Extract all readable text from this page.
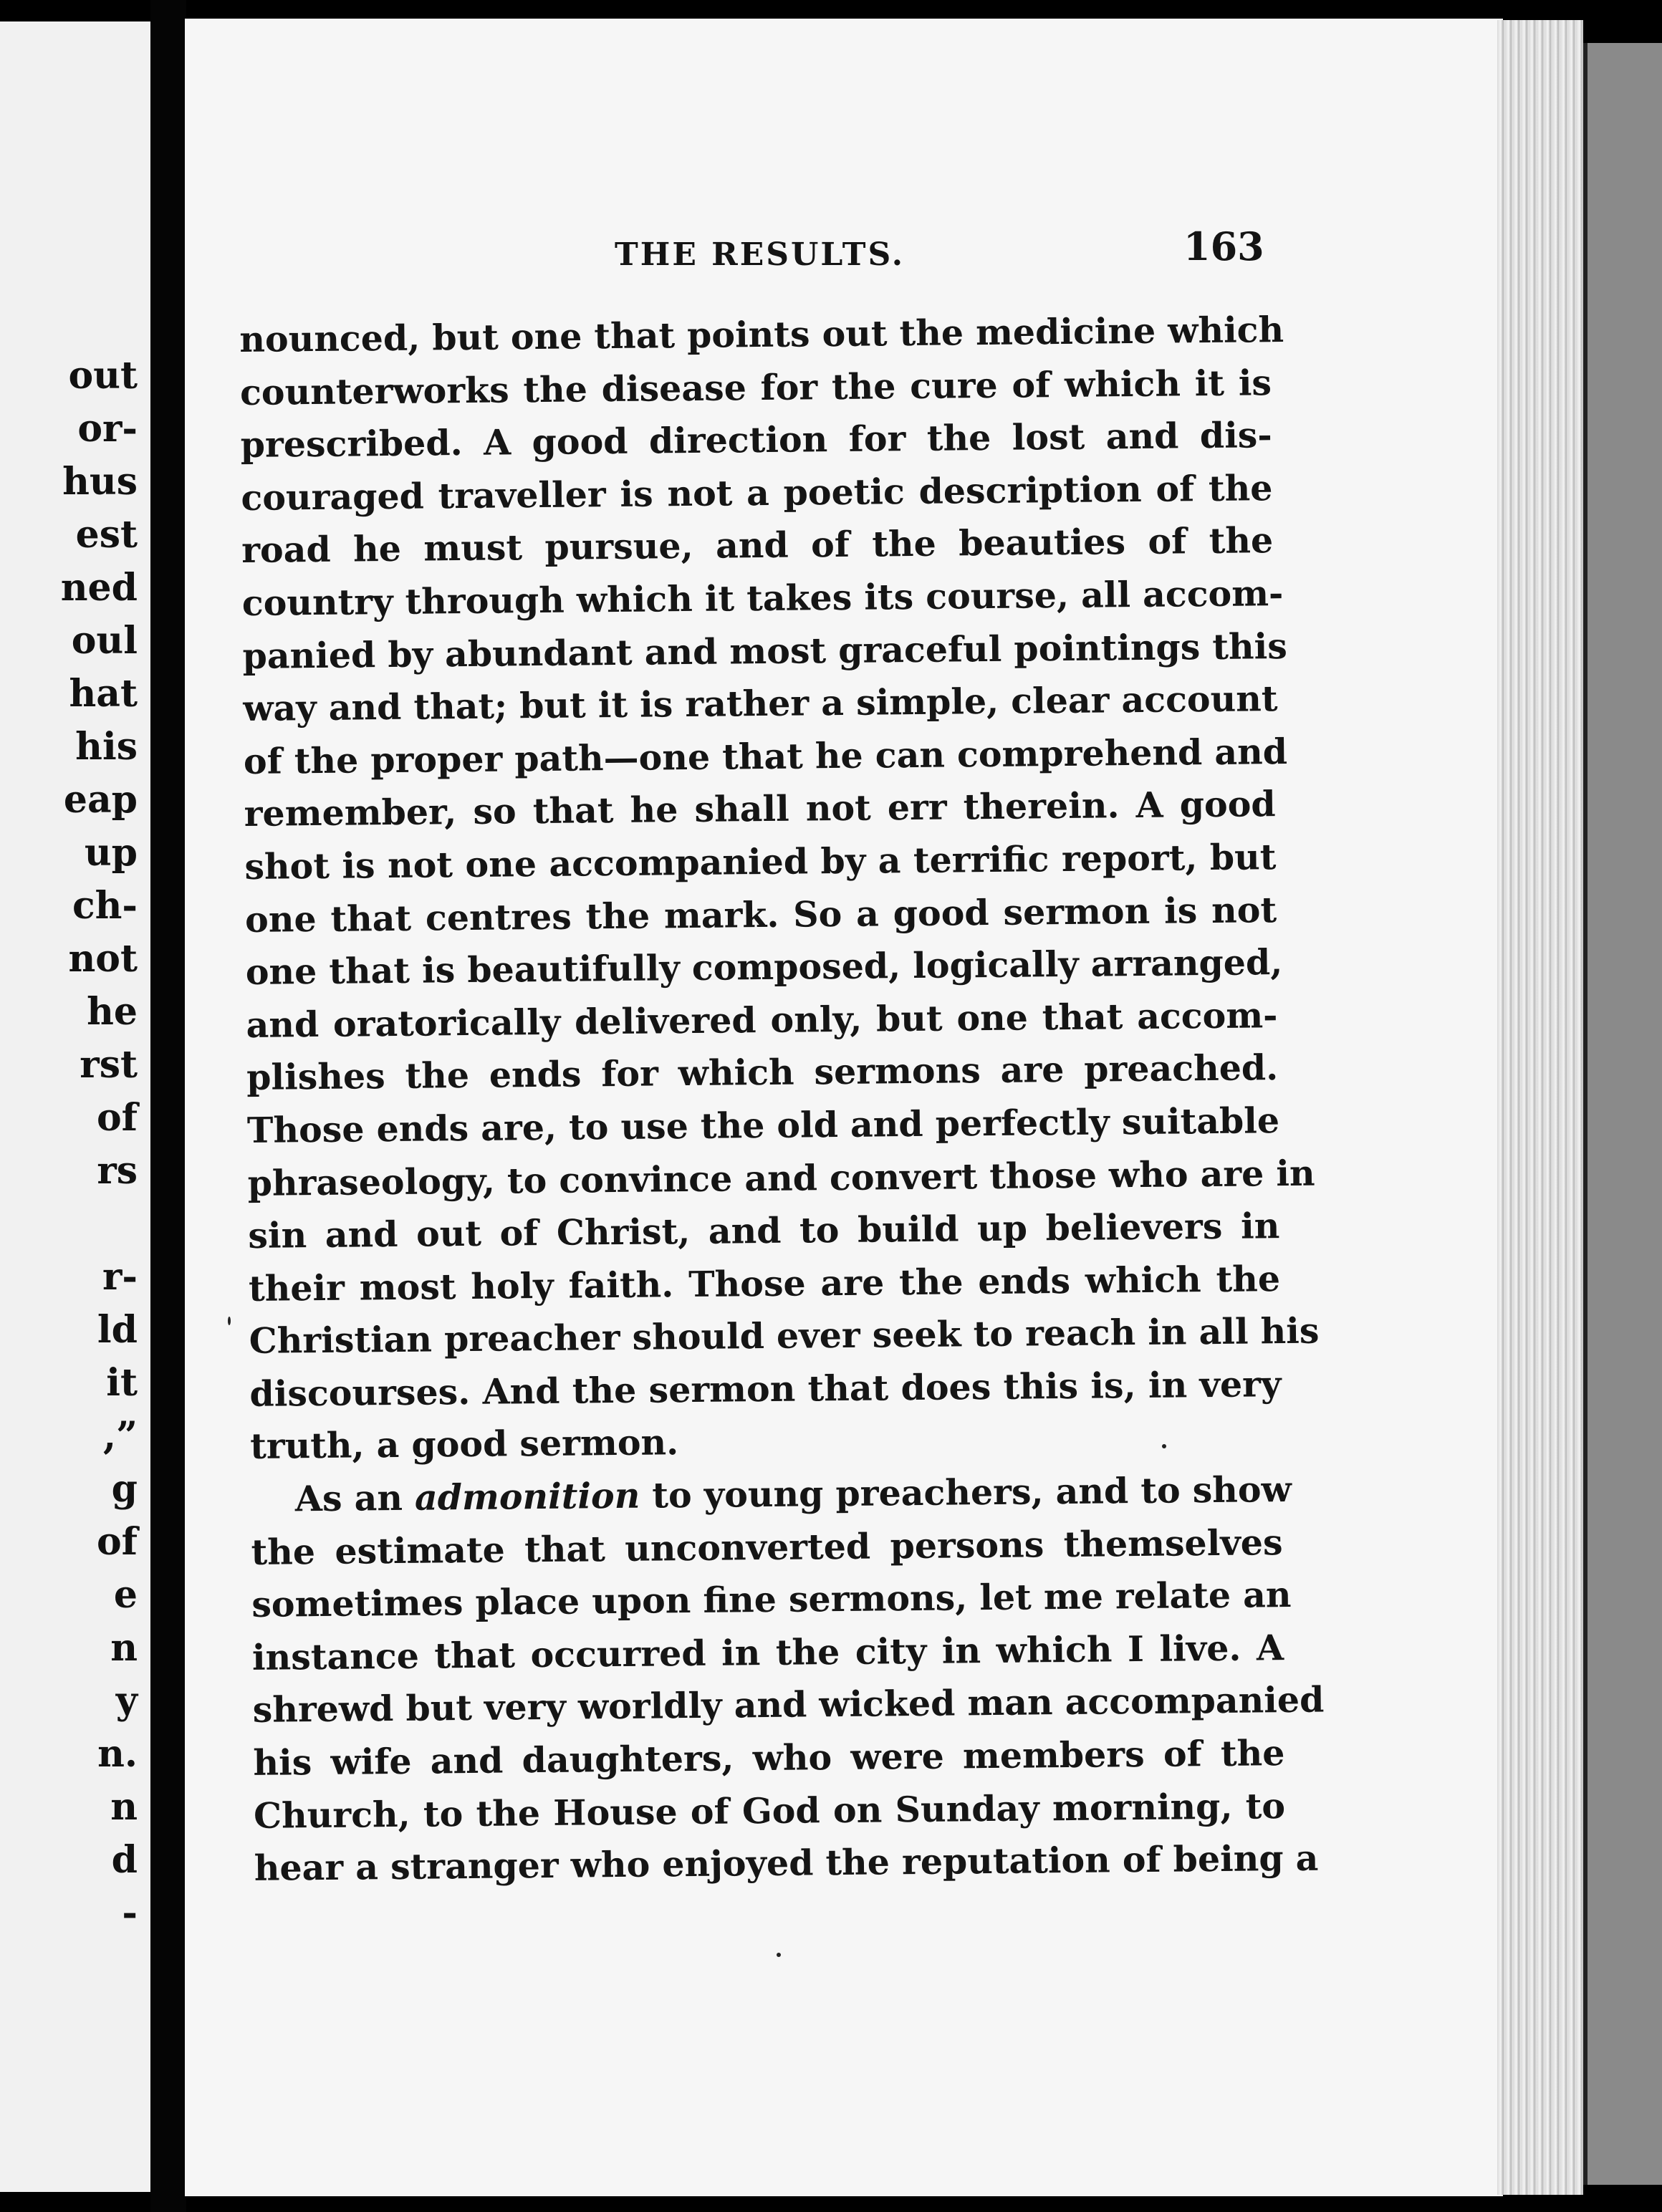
out
or-
hus
est
ned
oul
hat
his
eap
up
ch-
not
he
rst
of
rs
r-
ld
it
,”
g
of
e
n
y
n.
n
d
-
THE RESULTS.	163
nounced, but one that points out the medicine which
counterworks the disease for the cure of which it is
prescribed. A good direction for the lost and dis-
couraged traveller is not a poetic description of the
road he must pursue, and of the beauties of the
country through which it takes its course, all accom-
panied by abundant and most graceful pointings this
way and that; but it is rather a simple, clear account
of the proper path—one that he can comprehend and
remember, so that he shall not err therein. A good
shot is not one accompanied by a terrific report, but
one that centres the mark. So a good sermon is not
one that is beautifully composed, logically arranged,
and oratorically delivered only, but one that accom-
plishes the ends for which sermons are preached.
Those ends are, to use the old and perfectly suitable
phraseology, to convince and convert those who are in
sin and out of Christ, and to build up believers in
their most holy faith. Those are the ends which the
Christian preacher should ever seek to reach in all his
discourses. And the sermon that does this is, in very
truth, a good sermon.
As an admonition to young preachers, and to show
the estimate that unconverted persons themselves
sometimes place upon fine sermons, let me relate an
instance that occurred in the city in which I live. A
shrewd but very worldly and wicked man accompanied
his wife and daughters, who were members of the
Church, to the House of God on Sunday morning, to
hear a stranger who enjoyed the reputation of being a
